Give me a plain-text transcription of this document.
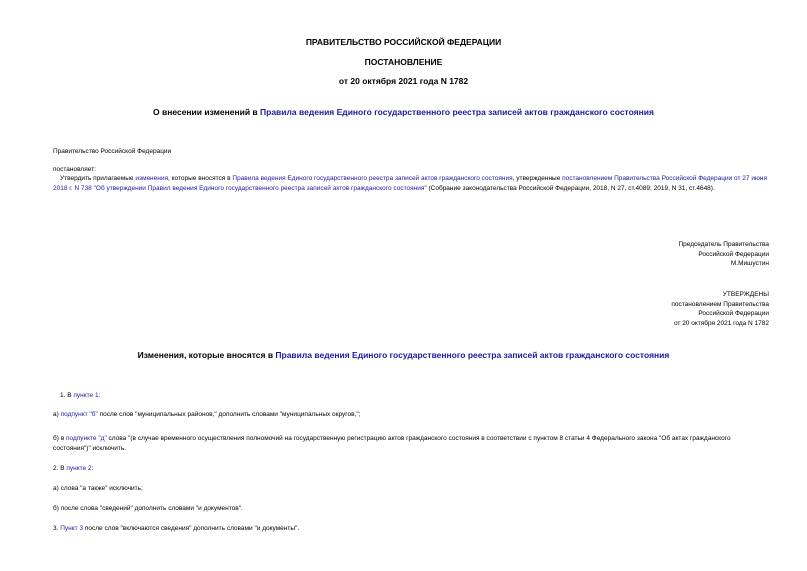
ПРАВИТЕЛЬСТВО РОССИЙСКОЙ ФЕДЕРАЦИИ
ПОСТАНОВЛЕНИЕ
от 20 октября 2021 года N 1782
О внесении изменений в Правила ведения Единого государственного реестра записей актов гражданского состояния
Правительство Российской Федерации
постановляет:
Утвердить прилагаемые изменения, которые вносятся в Правила ведения Единого государственного реестра записей актов гражданского состояния, утвержденные постановлением Правительства Российской Федерации от 27 июня 2018 г. N 738 "Об утверждении Правил ведения Единого государственного реестра записей актов гражданского состояния" (Собрание законодательства Российской Федерации, 2018, N 27, ст.4089; 2019, N 31, ст.4648).
Председатель Правительства
Российской Федерации
М.Мишустин
УТВЕРЖДЕНЫ
постановлением Правительства
Российской Федерации
от 20 октября 2021 года N 1782
Изменения, которые вносятся в Правила ведения Единого государственного реестра записей актов гражданского состояния
1. В пункте 1:
а) подпункт "б" после слов "муниципальных районов," дополнить словами "муниципальных округов,";
б) в подпункте "д" слова "(в случае временного осуществления полномочий на государственную регистрацию актов гражданского состояния в соответствии с пунктом 8 статьи 4 Федерального закона "Об актах гражданского состояния")" исключить.
2. В пункте 2:
а) слова "а также" исключить;
б) после слова "сведений" дополнить словами "и документов".
3. Пункт 3 после слов "включаются сведения" дополнить словами "и документы".
